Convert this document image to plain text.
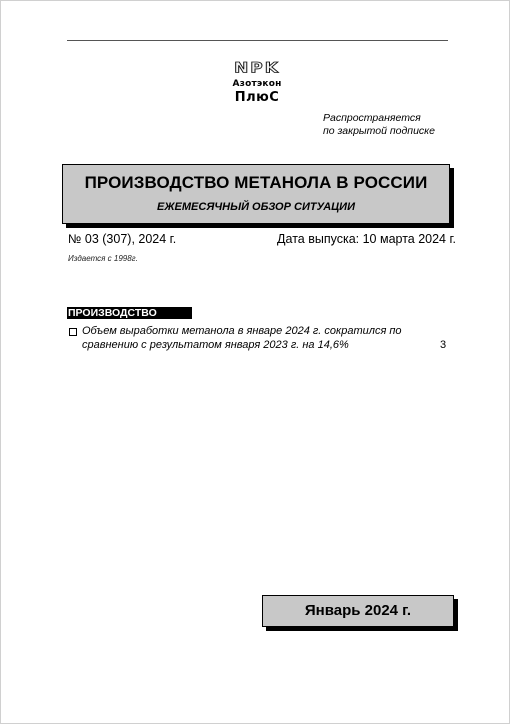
NPK
Азотэкон
ПлюС
Распространяется
по закрытой подписке
ПРОИЗВОДСТВО МЕТАНОЛА В РОССИИ
ЕЖЕМЕСЯЧНЫЙ ОБЗОР СИТУАЦИИ
№ 03 (307), 2024 г.	Дата выпуска: 10 марта 2024 г.
Издается с 1998г.
ПРОИЗВОДСТВО
Объем выработки метанола в январе 2024 г. сократился по сравнению с результатом января 2023 г. на 14,6%	3
Январь 2024 г.
